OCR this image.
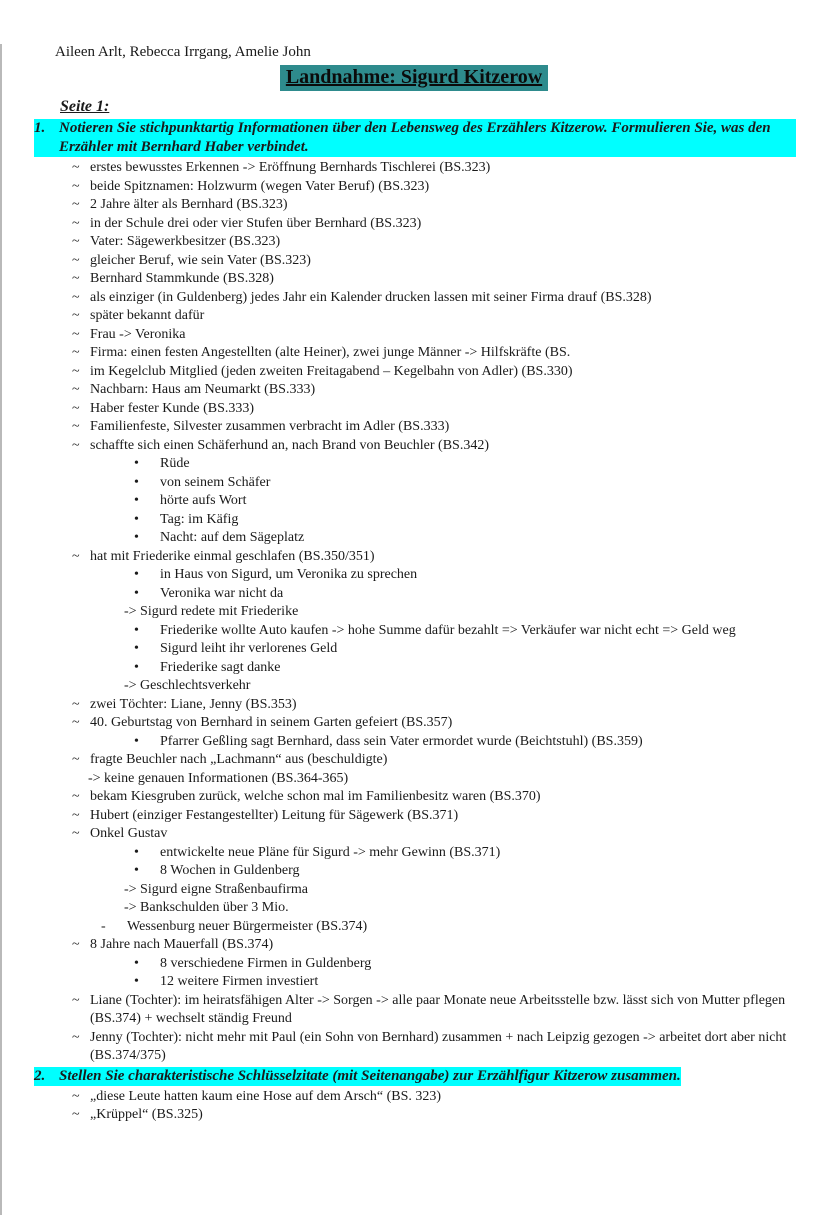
Aileen Arlt, Rebecca Irrgang, Amelie John
Landnahme: Sigurd Kitzerow
Seite 1:
1. Notieren Sie stichpunktartig Informationen über den Lebensweg des Erzählers Kitzerow. Formulieren Sie, was den Erzähler mit Bernhard Haber verbindet.
~ erstes bewusstes Erkennen -> Eröffnung Bernhards Tischlerei (BS.323)
~ beide Spitznamen: Holzwurm (wegen Vater Beruf) (BS.323)
~ 2 Jahre älter als Bernhard (BS.323)
~ in der Schule drei oder vier Stufen über Bernhard (BS.323)
~ Vater: Sägewerkbesitzer (BS.323)
~ gleicher Beruf, wie sein Vater (BS.323)
~ Bernhard Stammkunde (BS.328)
~ als einziger (in Guldenberg) jedes Jahr ein Kalender drucken lassen mit seiner Firma drauf (BS.328)
~ später bekannt dafür
~ Frau -> Veronika
~ Firma: einen festen Angestellten (alte Heiner), zwei junge Männer -> Hilfskräfte (BS.
~ im Kegelclub Mitglied (jeden zweiten Freitagabend – Kegelbahn von Adler) (BS.330)
~ Nachbarn: Haus am Neumarkt (BS.333)
~ Haber fester Kunde (BS.333)
~ Familienfeste, Silvester zusammen verbracht im Adler (BS.333)
~ schaffte sich einen Schäferhund an, nach Brand von Beuchler (BS.342)
•	Rüde
•	von seinem Schäfer
•	hörte aufs Wort
•	Tag: im Käfig
•	Nacht: auf dem Sägeplatz
~ hat mit Friederike einmal geschlafen (BS.350/351)
•	in Haus von Sigurd, um Veronika zu sprechen
•	Veronika war nicht da
-> Sigurd redete mit Friederike
•	Friederike wollte Auto kaufen -> hohe Summe dafür bezahlt => Verkäufer war nicht echt => Geld weg
•	Sigurd leiht ihr verlorenes Geld
•	Friederike sagt danke
-> Geschlechtsverkehr
~ zwei Töchter: Liane, Jenny (BS.353)
~ 40. Geburtstag von Bernhard in seinem Garten gefeiert (BS.357)
•	Pfarrer Geßling sagt Bernhard, dass sein Vater ermordet wurde (Beichtstuhl) (BS.359)
~ fragte Beuchler nach „Lachmann“ aus (beschuldigte)
-> keine genauen Informationen (BS.364-365)
~ bekam Kiesgruben zurück, welche schon mal im Familienbesitz waren (BS.370)
~ Hubert (einziger Festangestellter) Leitung für Sägewerk (BS.371)
~ Onkel Gustav
•	entwickelte neue Pläne für Sigurd -> mehr Gewinn (BS.371)
•	8 Wochen in Guldenberg
-> Sigurd eigne Straßenbaufirma
-> Bankschulden über 3 Mio.
-	Wessenburg neuer Bürgermeister (BS.374)
~ 8 Jahre nach Mauerfall (BS.374)
•	8 verschiedene Firmen in Guldenberg
•	12 weitere Firmen investiert
~ Liane (Tochter): im heiratsfähigen Alter -> Sorgen -> alle paar Monate neue Arbeitsstelle bzw. lässt sich von Mutter pflegen (BS.374) + wechselt ständig Freund
~ Jenny (Tochter): nicht mehr mit Paul (ein Sohn von Bernhard) zusammen + nach Leipzig gezogen -> arbeitet dort aber nicht (BS.374/375)
2. Stellen Sie charakteristische Schlüsselzitate (mit Seitenangabe) zur Erzählfigur Kitzerow zusammen.
~ „diese Leute hatten kaum eine Hose auf dem Arsch“ (BS. 323)
~ „Krüppel“ (BS.325)
